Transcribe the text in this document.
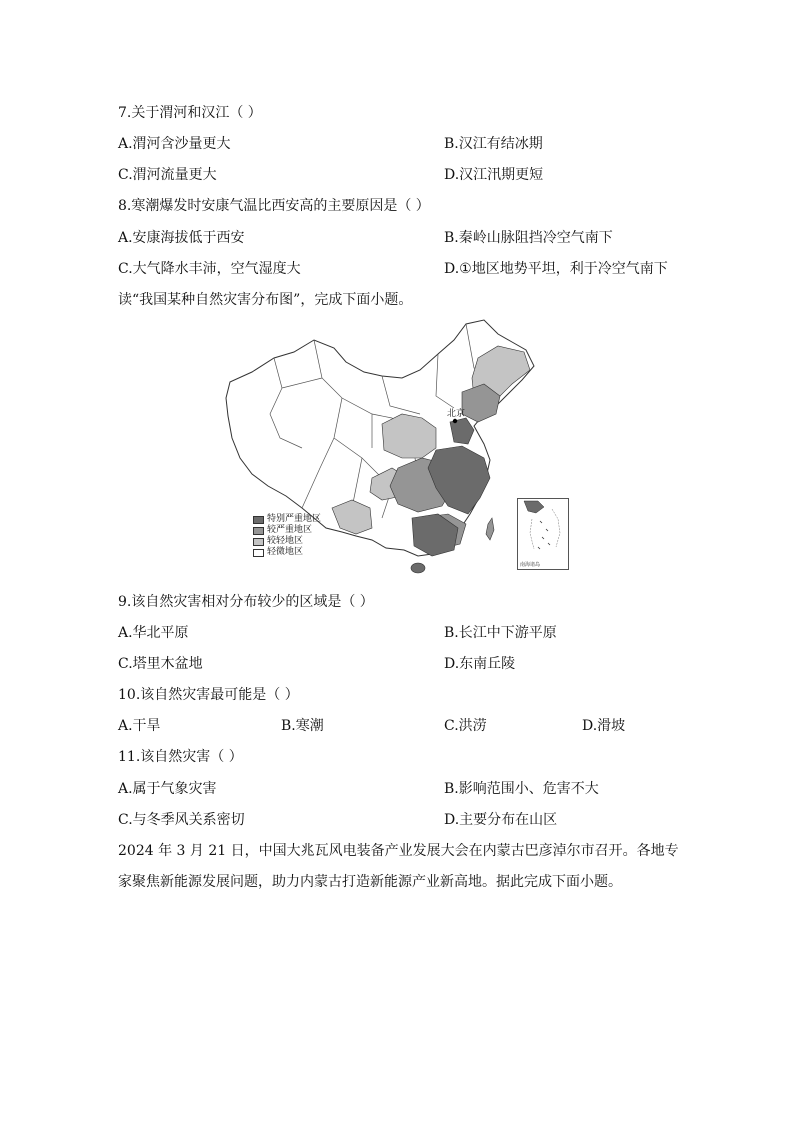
7.关于渭河和汉江（ ）
A.渭河含沙量更大	B.汉江有结冰期
C.渭河流量更大	D.汉江汛期更短
8.寒潮爆发时安康气温比西安高的主要原因是（ ）
A.安康海拔低于西安	B.秦岭山脉阻挡冷空气南下
C.大气降水丰沛，空气湿度大	D.①地区地势平坦，利于冷空气南下
读“我国某种自然灾害分布图”，完成下面小题。
北京
特别严重地区
较严重地区
较轻地区
轻微地区
南海诸岛
9.该自然灾害相对分布较少的区域是（ ）
A.华北平原	B.长江中下游平原
C.塔里木盆地	D.东南丘陵
10.该自然灾害最可能是（ ）
A.干旱	B.寒潮	C.洪涝	D.滑坡
11.该自然灾害（ ）
A.属于气象灾害	B.影响范围小、危害不大
C.与冬季风关系密切	D.主要分布在山区
2024 年 3 月 21 日，中国大兆瓦风电装备产业发展大会在内蒙古巴彦淖尔市召开。各地专
家聚焦新能源发展问题，助力内蒙古打造新能源产业新高地。据此完成下面小题。
